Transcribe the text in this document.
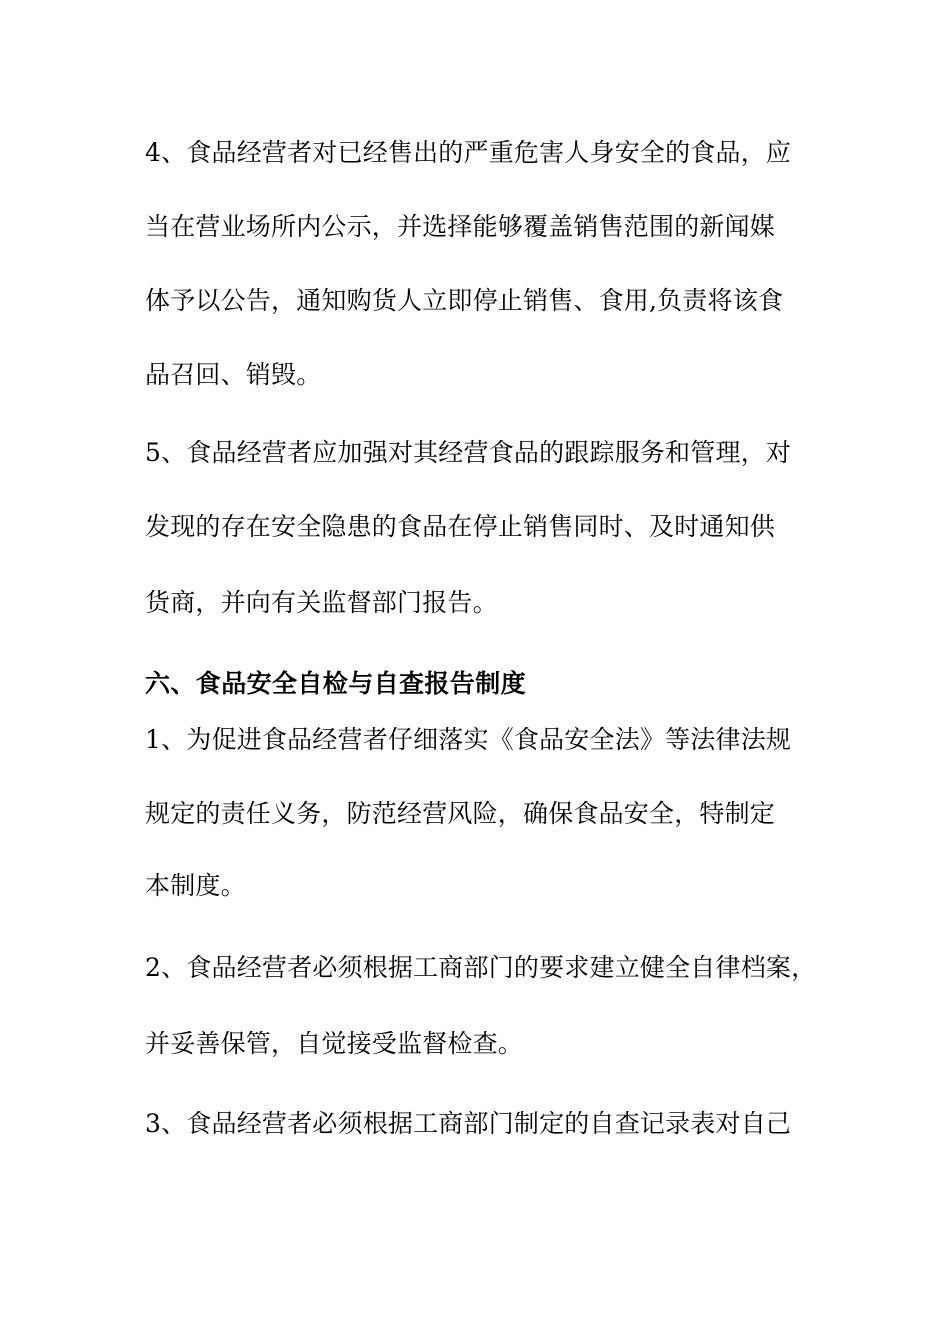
4、食品经营者对已经售出的严重危害人身安全的食品，应
当在营业场所内公示，并选择能够覆盖销售范围的新闻媒
体予以公告，通知购货人立即停止销售、食用,负责将该食
品召回、销毁。
5、食品经营者应加强对其经营食品的跟踪服务和管理，对
发现的存在安全隐患的食品在停止销售同时、及时通知供
货商，并向有关监督部门报告。
六、食品安全自检与自查报告制度
1、为促进食品经营者仔细落实《食品安全法》等法律法规
规定的责任义务，防范经营风险，确保食品安全，特制定
本制度。
2、食品经营者必须根据工商部门的要求建立健全自律档案，
并妥善保管，自觉接受监督检查。
3、食品经营者必须根据工商部门制定的自查记录表对自己
